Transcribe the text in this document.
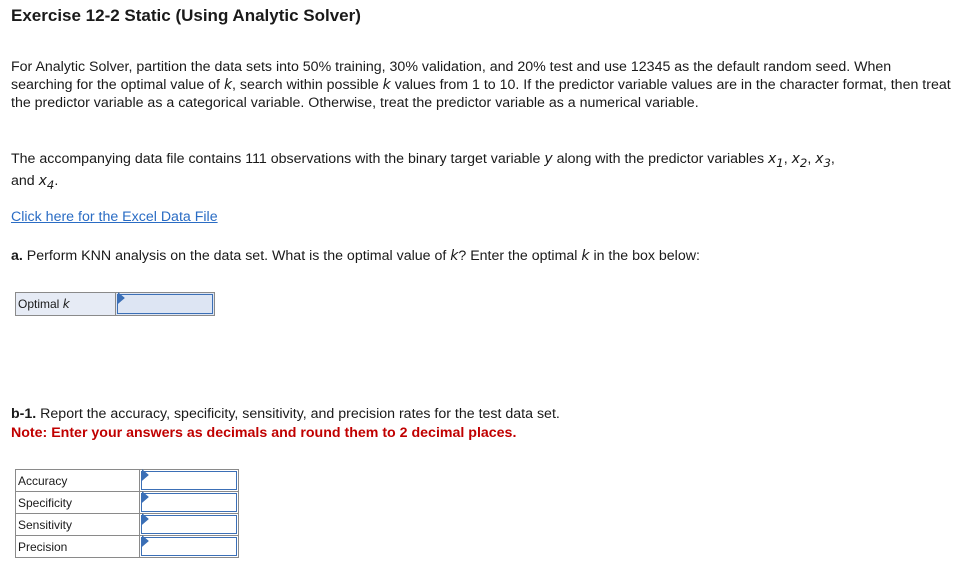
Exercise 12-2 Static (Using Analytic Solver)

For Analytic Solver, partition the data sets into 50% training, 30% validation, and 20% test and use 12345 as the default random seed. When searching for the optimal value of k, search within possible k values from 1 to 10. If the predictor variable values are in the character format, then treat the predictor variable as a categorical variable. Otherwise, treat the predictor variable as a numerical variable.

The accompanying data file contains 111 observations with the binary target variable y along with the predictor variables $x_1$, $x_2$, $x_3$,
and $x_4$.

Click here for the Excel Data File

a. Perform KNN analysis on the data set. What is the optimal value of k? Enter the optimal k in the box below:

Optimal k	

b-1. Report the accuracy, specificity, sensitivity, and precision rates for the test data set.

Note: Enter your answers as decimals and round them to 2 decimal places.

Accuracy	

Specificity	

Sensitivity	

Precision	
